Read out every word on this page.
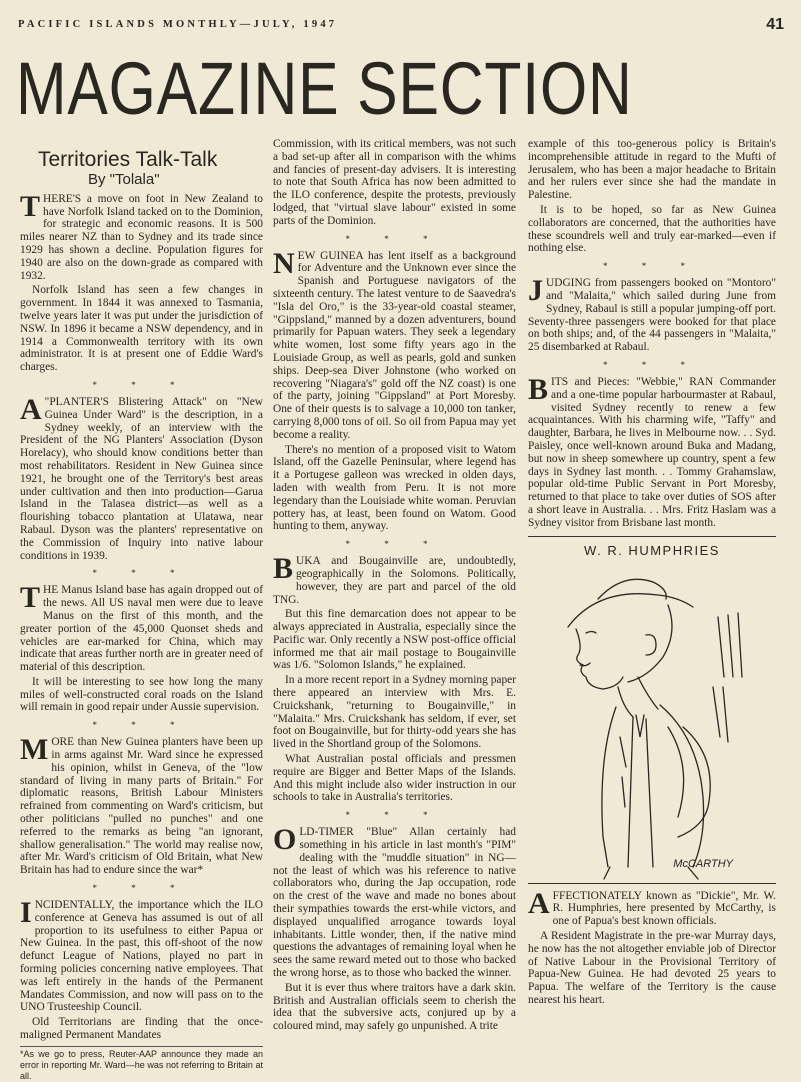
PACIFIC ISLANDS MONTHLY—JULY, 1947	41
MAGAZINE SECTION
Territories Talk-Talk
By "Tolala"

THERE'S a move on foot in New Zealand to have Norfolk Island tacked on to the Dominion, for strategic and economic reasons. It is 500 miles nearer NZ than to Sydney and its trade since 1929 has shown a decline. Population figures for 1940 are also on the down-grade as compared with 1932.

Norfolk Island has seen a few changes in government. In 1844 it was annexed to Tasmania, twelve years later it was put under the jurisdiction of NSW. In 1896 it became a NSW dependency, and in 1914 a Commonwealth territory with its own administrator. It is at present one of Eddie Ward's charges.

* * *

A "PLANTER'S Blistering Attack" on "New Guinea Under Ward" is the description, in a Sydney weekly, of an interview with the President of the NG Planters' Association (Dyson Horelacy), who should know conditions better than most rehabilitators. Resident in New Guinea since 1921, he brought one of the Territory's best areas under cultivation and then into production—Garua Island in the Talasea district—as well as a flourishing tobacco plantation at Ulatawa, near Rabaul. Dyson was the planters' representative on the Commission of Inquiry into native labour conditions in 1939.

* * *

THE Manus Island base has again dropped out of the news. All US naval men were due to leave Manus on the first of this month, and the greater portion of the 45,000 Quonset sheds and vehicles are ear-marked for China, which may indicate that areas further north are in greater need of material of this description.

It will be interesting to see how long the many miles of well-constructed coral roads on the Island will remain in good repair under Aussie supervision.

* * *

MORE than New Guinea planters have been up in arms against Mr. Ward since he expressed his opinion, whilst in Geneva, of the "low standard of living in many parts of Britain." For diplomatic reasons, British Labour Ministers refrained from commenting on Ward's criticism, but other politicians "pulled no punches" and one referred to the remarks as being "an ignorant, shallow generalisation." The world may realise now, after Mr. Ward's criticism of Old Britain, what New Britain has had to endure since the war*

* * *

INCIDENTALLY, the importance which the ILO conference at Geneva has assumed is out of all proportion to its usefulness to either Papua or New Guinea. In the past, this off-shoot of the now defunct League of Nations, played no part in forming policies concerning native employees. That was left entirely in the hands of the Permanent Mandates Commission, and now will pass on to the UNO Trusteeship Council.

Old Territorians are finding that the once-maligned Permanent Mandates

*As we go to press, Reuter-AAP announce they made an error in reporting Mr. Ward—he was not referring to Britain at all.

Commission, with its critical members, was not such a bad set-up after all in comparison with the whims and fancies of present-day advisers. It is interesting to note that South Africa has now been admitted to the ILO conference, despite the protests, previously lodged, that "virtual slave labour" existed in some parts of the Dominion.

* * *

NEW GUINEA has lent itself as a background for Adventure and the Unknown ever since the Spanish and Portuguese navigators of the sixteenth century. The latest venture to de Saavedra's "Isla del Oro," is the 33-year-old coastal steamer, "Gippsland," manned by a dozen adventurers, bound primarily for Papuan waters. They seek a legendary white women, lost some fifty years ago in the Louisiade Group, as well as pearls, gold and sunken ships. Deep-sea Diver Johnstone (who worked on recovering "Niagara's" gold off the NZ coast) is one of the party, joining "Gippsland" at Port Moresby. One of their quests is to salvage a 10,000 ton tanker, carrying 8,000 tons of oil. So oil from Papua may yet become a reality.

There's no mention of a proposed visit to Watom Island, off the Gazelle Peninsular, where legend has it a Portugese galleon was wrecked in olden days, laden with wealth from Peru. It is not more legendary than the Louisiade white woman. Peruvian pottery has, at least, been found on Watom. Good hunting to them, anyway.

* * *

BUKA and Bougainville are, undoubtedly, geographically in the Solomons. Politically, however, they are part and parcel of the old TNG.

But this fine demarcation does not appear to be always appreciated in Australia, especially since the Pacific war. Only recently a NSW post-office official informed me that air mail postage to Bougainville was 1/6. "Solomon Islands," he explained.

In a more recent report in a Sydney morning paper there appeared an interview with Mrs. E. Cruickshank, "returning to Bougainville," in "Malaita." Mrs. Cruickshank has seldom, if ever, set foot on Bougainville, but for thirty-odd years she has lived in the Shortland group of the Solomons.

What Australian postal officials and pressmen require are Bigger and Better Maps of the Islands. And this might include also wider instruction in our schools to take in Australia's territories.

* * *

OLD-TIMER "Blue" Allan certainly had something in his article in last month's "PIM" dealing with the "muddle situation" in NG—not the least of which was his reference to native collaborators who, during the Jap occupation, rode on the crest of the wave and made no bones about their sympathies towards the erst-while victors, and displayed unqualified arrogance towards loyal inhabitants. Little wonder, then, if the native mind questions the advantages of remaining loyal when he sees the same reward meted out to those who backed the wrong horse, as to those who backed the winner.

But it is ever thus where traitors have a dark skin. British and Australian officials seem to cherish the idea that the subversive acts, conjured up by a coloured mind, may safely go unpunished. A trite

example of this too-generous policy is Britain's incomprehensible attitude in regard to the Mufti of Jerusalem, who has been a major headache to Britain and her rulers ever since she had the mandate in Palestine.

It is to be hoped, so far as New Guinea collaborators are concerned, that the authorities have these scoundrels well and truly ear-marked—even if nothing else.

* * *

JUDGING from passengers booked on "Montoro" and "Malaita," which sailed during June from Sydney, Rabaul is still a popular jumping-off port. Seventy-three passengers were booked for that place on both ships; and, of the 44 passengers in "Malaita," 25 disembarked at Rabaul.

* * *

BITS and Pieces: "Webbie," RAN Commander and a one-time popular harbourmaster at Rabaul, visited Sydney recently to renew a few acquaintances. With his charming wife, "Taffy" and daughter, Barbara, he lives in Melbourne now. . . Syd. Paisley, once well-known around Buka and Madang, but now in sheep somewhere up country, spent a few days in Sydney last month. . . Tommy Grahamslaw, popular old-time Public Servant in Port Moresby, returned to that place to take over duties of SOS after a short leave in Australia. . . Mrs. Fritz Haslam was a Sydney visitor from Brisbane last month.

W. R. HUMPHRIES
McCARTHY

AFFECTIONATELY known as "Dickie", Mr. W. R. Humphries, here presented by McCarthy, is one of Papua's best known officials.

A Resident Magistrate in the pre-war Murray days, he now has the not altogether enviable job of Director of Native Labour in the Provisional Territory of Papua-New Guinea. He had devoted 25 years to Papua. The welfare of the Territory is the cause nearest his heart.
